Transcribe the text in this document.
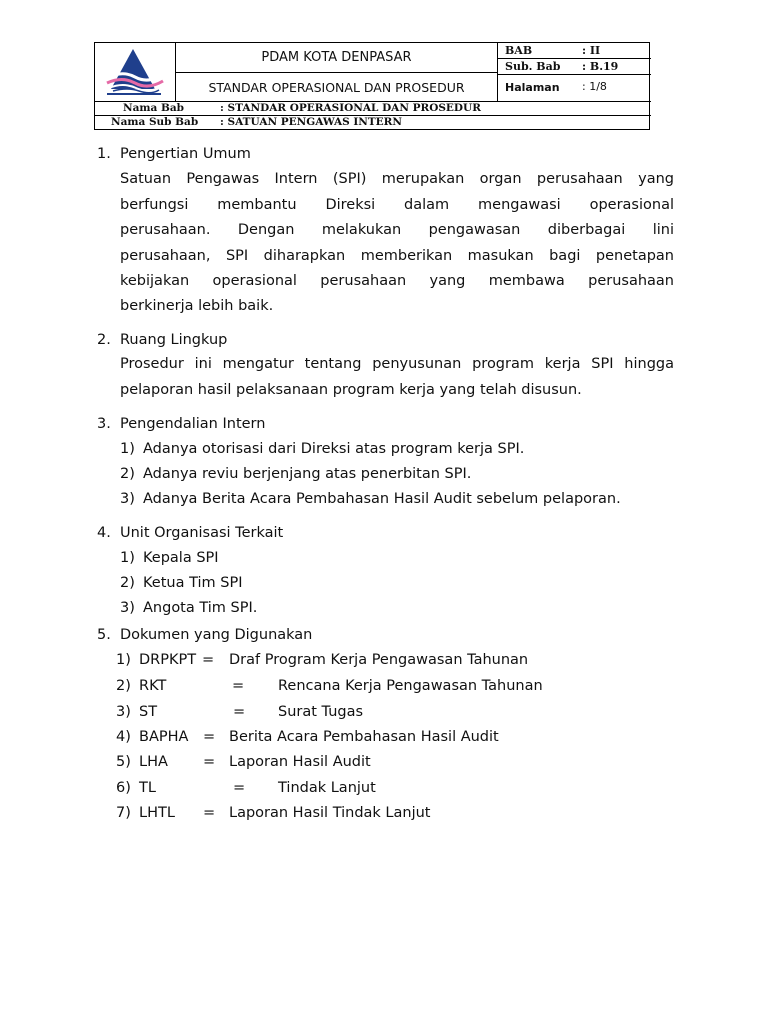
PDAM KOTA DENPASAR
STANDAR OPERASIONAL DAN PROSEDUR
BAB	: II
Sub. Bab : B.19
Halaman : 1/8
Nama Bab	: STANDAR OPERASIONAL DAN PROSEDUR
Nama Sub Bab : SATUAN PENGAWAS INTERN
1. Pengertian Umum
Satuan Pengawas Intern (SPI) merupakan organ perusahaan yang
berfungsi membantu Direksi dalam mengawasi operasional
perusahaan. Dengan melakukan pengawasan diberbagai lini
perusahaan, SPI diharapkan memberikan masukan bagi penetapan
kebijakan operasional perusahaan yang membawa perusahaan
berkinerja lebih baik.
2. Ruang Lingkup
Prosedur ini mengatur tentang penyusunan program kerja SPI hingga
pelaporan hasil pelaksanaan program kerja yang telah disusun.
3. Pengendalian Intern
1) Adanya otorisasi dari Direksi atas program kerja SPI.
2) Adanya reviu berjenjang atas penerbitan SPI.
3) Adanya Berita Acara Pembahasan Hasil Audit sebelum pelaporan.
4. Unit Organisasi Terkait
1) Kepala SPI
2) Ketua Tim SPI
3) Angota Tim SPI.
5. Dokumen yang Digunakan
1) DRPKPT = Draf Program Kerja Pengawasan Tahunan
2) RKT	= Rencana Kerja Pengawasan Tahunan
3) ST	= Surat Tugas
4) BAPHA = Berita Acara Pembahasan Hasil Audit
5) LHA = Laporan Hasil Audit
6) TL	= Tindak Lanjut
7) LHTL = Laporan Hasil Tindak Lanjut
